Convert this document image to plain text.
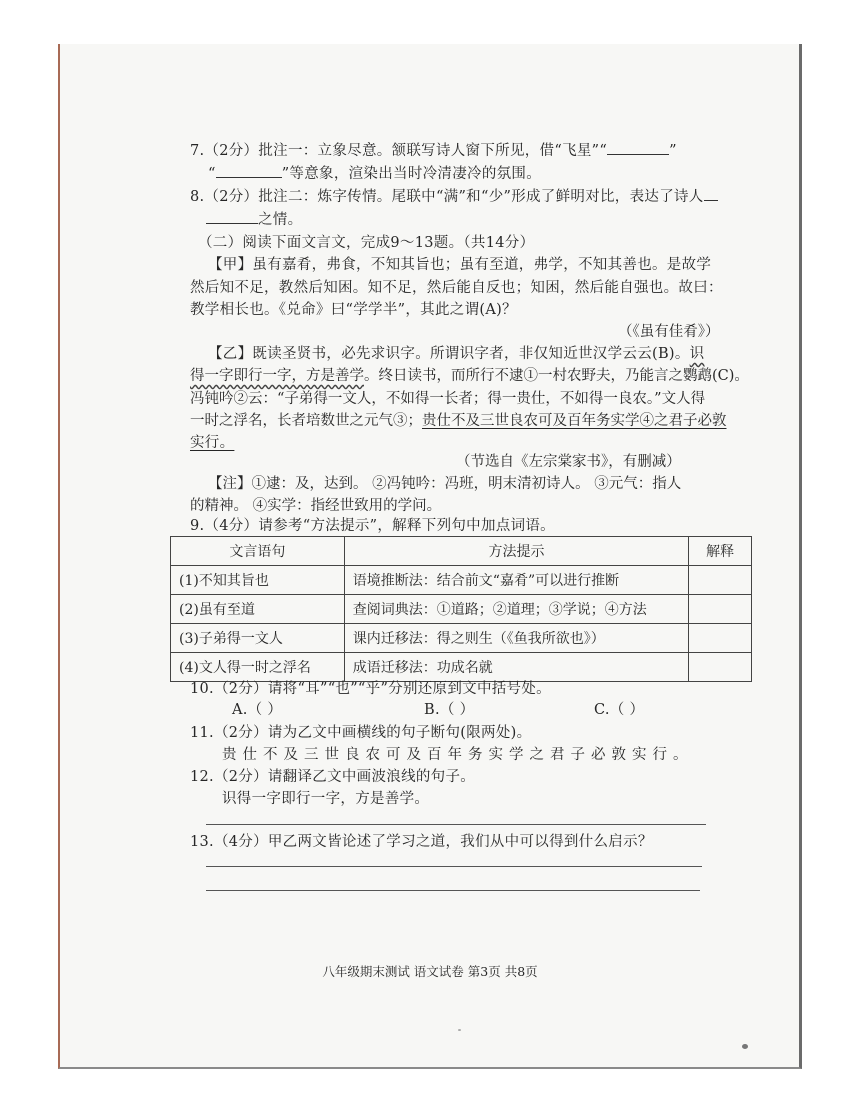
7.（2分）批注一：立象尽意。颔联写诗人窗下所见，借“飞星”“	”
“	”等意象，渲染出当时冷清凄冷的氛围。
8.（2分）批注二：炼字传情。尾联中“满”和“少”形成了鲜明对比，表达了诗人
之情。
（二）阅读下面文言文，完成9～13题。（共14分）
【甲】虽有嘉肴，弗食，不知其旨也；虽有至道，弗学，不知其善也。是故学
然后知不足，教然后知困。知不足，然后能自反也；知困，然后能自强也。故曰：
教学相长也。《兑命》曰“学学半”，其此之谓(A)？
（《虽有佳肴》）
【乙】既读圣贤书，必先求识字。所谓识字者，非仅知近世汉学云云(B)。识
得一字即行一字，方是善学。终日读书，而所行不逮①一村农野夫，乃能言之鹦鹉(C)。
冯钝吟②云：“子弟得一文人，不如得一长者；得一贵仕，不如得一良农。”文人得
一时之浮名，长者培数世之元气③；贵仕不及三世良农可及百年务实学④之君子必敦
实行。
（节选自《左宗棠家书》，有删减）
【注】①逮：及，达到。 ②冯钝吟：冯班，明末清初诗人。 ③元气：指人
的精神。 ④实学：指经世致用的学问。
9.（4分）请参考“方法提示”，解释下列句中加点词语。
文言语句	方法提示	解释
(1)不知其旨也	语境推断法：结合前文“嘉肴”可以进行推断	
(2)虽有至道	查阅词典法：①道路；②道理；③学说；④方法	
(3)子弟得一文人	课内迁移法：得之则生（《鱼我所欲也》）	
(4)文人得一时之浮名	成语迁移法：功成名就	
10.（2分）请将“耳”“也”“乎”分别还原到文中括号处。
A.（ ）	B.（ ）	C.（ ）
11.（2分）请为乙文中画横线的句子断句(限两处)。
贵仕不及三世良农可及百年务实学之君子必敦实行。
12.（2分）请翻译乙文中画波浪线的句子。
识得一字即行一字，方是善学。
13.（4分）甲乙两文皆论述了学习之道，我们从中可以得到什么启示？
八年级期末测试 语文试卷 第3页 共8页
